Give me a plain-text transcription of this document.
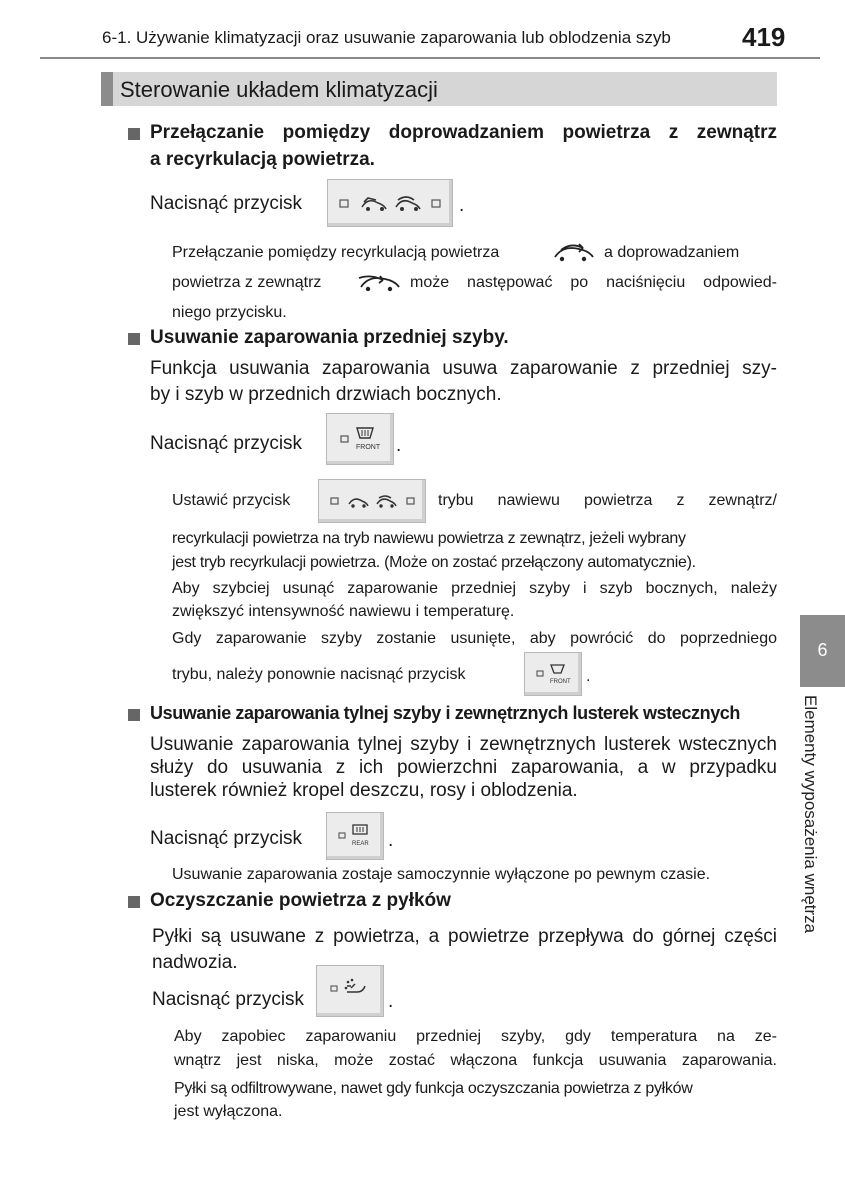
6-1. Używanie klimatyzacji oraz usuwanie zaparowania lub oblodzenia szyb	419
Sterowanie układem klimatyzacji
6
Elementy wyposażenia wnętrza
Przełączanie pomiędzy doprowadzaniem powietrza z zewnątrz
a recyrkulacją powietrza.
Nacisnąć przycisk	.
Przełączanie pomiędzy recyrkulacją powietrza	a doprowadzaniem
powietrza z zewnątrz	może następować po naciśnięciu odpowied-
niego przycisku.
Usuwanie zaparowania przedniej szyby.
Funkcja usuwania zaparowania usuwa zaparowanie z przedniej szy-
by i szyb w przednich drzwiach bocznych.
Nacisnąć przycisk	FRONT .
Ustawić przycisk	trybu nawiewu powietrza z zewnątrz/
recyrkulacji powietrza na tryb nawiewu powietrza z zewnątrz, jeżeli wybrany
jest tryb recyrkulacji powietrza. (Może on zostać przełączony automatycznie).
Aby szybciej usunąć zaparowanie przedniej szyby i szyb bocznych, należy
zwiększyć intensywność nawiewu i temperaturę.
Gdy zaparowanie szyby zostanie usunięte, aby powrócić do poprzedniego
trybu, należy ponownie nacisnąć przycisk	FRONT .
Usuwanie zaparowania tylnej szyby i zewnętrznych lusterek wstecznych
Usuwanie zaparowania tylnej szyby i zewnętrznych lusterek wstecznych
służy do usuwania z ich powierzchni zaparowania, a w przypadku
lusterek również kropel deszczu, rosy i oblodzenia.
Nacisnąć przycisk	REAR .
Usuwanie zaparowania zostaje samoczynnie wyłączone po pewnym czasie.
Oczyszczanie powietrza z pyłków
Pyłki są usuwane z powietrza, a powietrze przepływa do górnej części
nadwozia.
Nacisnąć przycisk	.
Aby zapobiec zaparowaniu przedniej szyby, gdy temperatura na ze-
wnątrz jest niska, może zostać włączona funkcja usuwania zaparowania.
Pyłki są odfiltrowywane, nawet gdy funkcja oczyszczania powietrza z pyłków
jest wyłączona.
